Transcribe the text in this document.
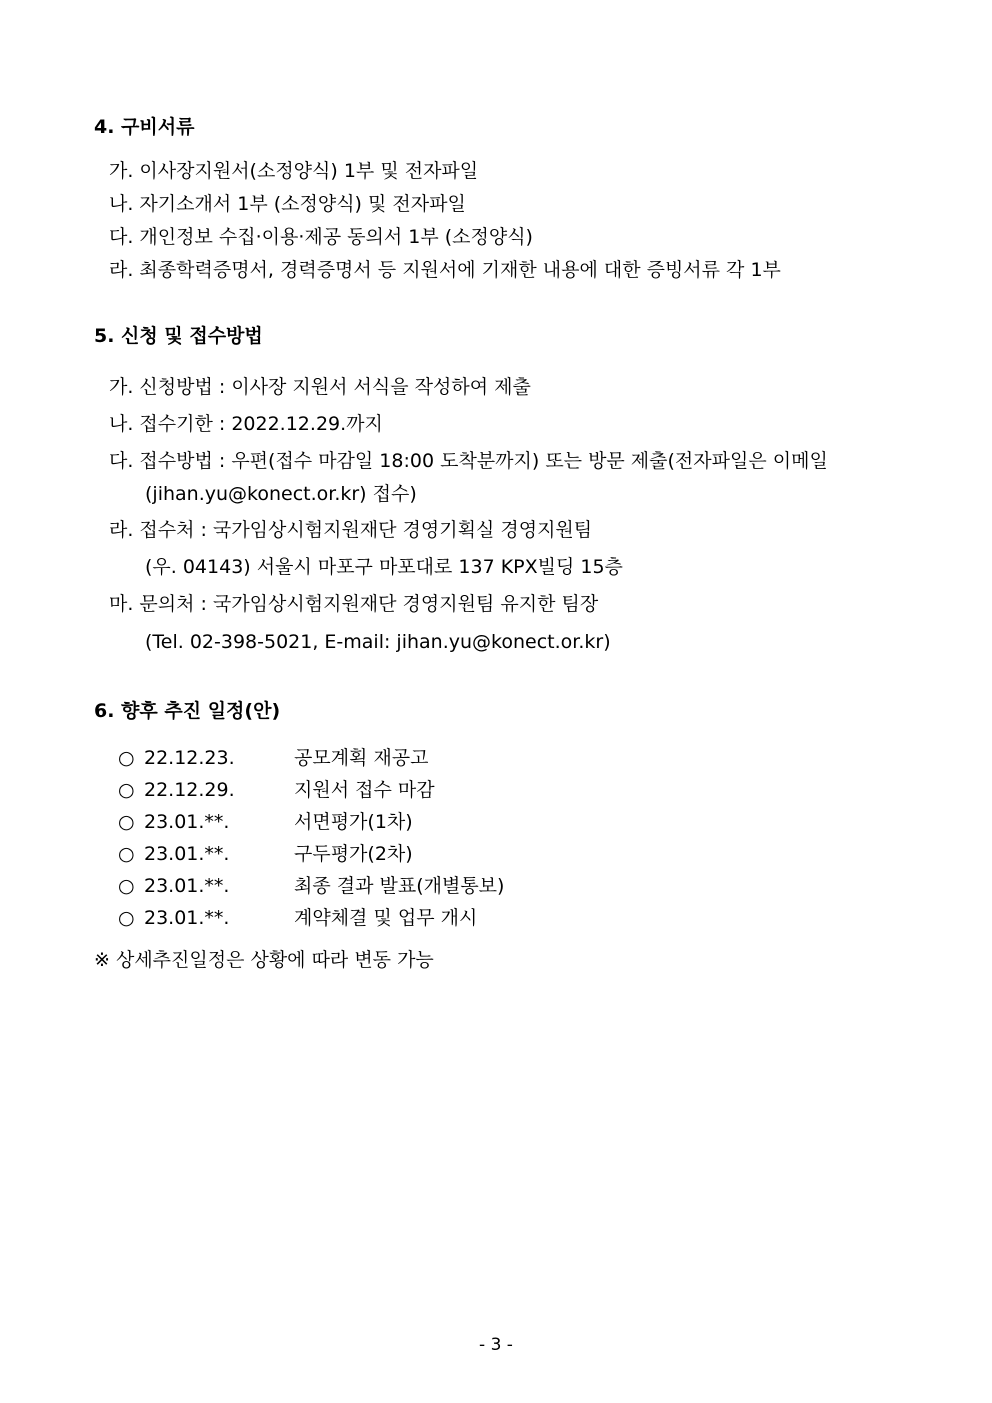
4. 구비서류
가. 이사장지원서(소정양식) 1부 및 전자파일
나. 자기소개서 1부 (소정양식) 및 전자파일
다. 개인정보 수집·이용·제공 동의서 1부 (소정양식)
라. 최종학력증명서, 경력증명서 등 지원서에 기재한 내용에 대한 증빙서류 각 1부
5. 신청 및 접수방법
가. 신청방법 : 이사장 지원서 서식을 작성하여 제출
나. 접수기한 : 2022.12.29.까지
다. 접수방법 : 우편(접수 마감일 18:00 도착분까지) 또는 방문 제출(전자파일은 이메일
(jihan.yu@konect.or.kr) 접수)
라. 접수처 : 국가임상시험지원재단 경영기획실 경영지원팀
(우. 04143) 서울시 마포구 마포대로 137 KPX빌딩 15층
마. 문의처 : 국가임상시험지원재단 경영지원팀 유지한 팀장
(Tel. 02-398-5021, E-mail: jihan.yu@konect.or.kr)
6. 향후 추진 일정(안)
○ 22.12.23.	공모계획 재공고
○ 22.12.29.	지원서 접수 마감
○ 23.01.**.	서면평가(1차)
○ 23.01.**.	구두평가(2차)
○ 23.01.**.	최종 결과 발표(개별통보)
○ 23.01.**.	계약체결 및 업무 개시
※ 상세추진일정은 상황에 따라 변동 가능
- 3 -
